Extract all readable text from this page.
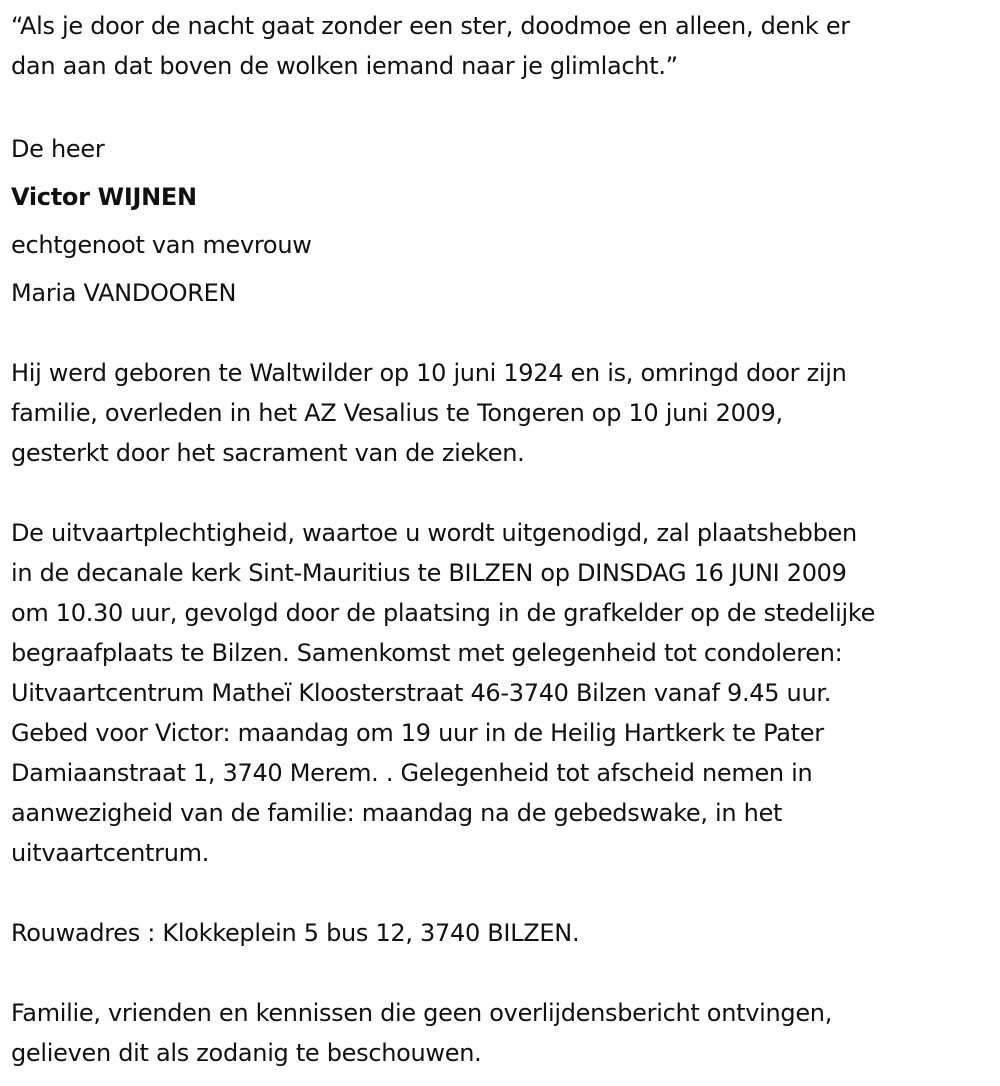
“Als je door de nacht gaat zonder een ster, doodmoe en alleen, denk er
dan aan dat boven de wolken iemand naar je glimlacht.”
De heer
Victor WIJNEN
echtgenoot van mevrouw
Maria VANDOOREN
Hij werd geboren te Waltwilder op 10 juni 1924 en is, omringd door zijn
familie, overleden in het AZ Vesalius te Tongeren op 10 juni 2009,
gesterkt door het sacrament van de zieken.
De uitvaartplechtigheid, waartoe u wordt uitgenodigd, zal plaatshebben
in de decanale kerk Sint-Mauritius te BILZEN op DINSDAG 16 JUNI 2009
om 10.30 uur, gevolgd door de plaatsing in de grafkelder op de stedelijke
begraafplaats te Bilzen. Samenkomst met gelegenheid tot condoleren:
Uitvaartcentrum Matheï Kloosterstraat 46-3740 Bilzen vanaf 9.45 uur.
Gebed voor Victor: maandag om 19 uur in de Heilig Hartkerk te Pater
Damiaanstraat 1, 3740 Merem. . Gelegenheid tot afscheid nemen in
aanwezigheid van de familie: maandag na de gebedswake, in het
uitvaartcentrum.
Rouwadres : Klokkeplein 5 bus 12, 3740 BILZEN.
Familie, vrienden en kennissen die geen overlijdensbericht ontvingen,
gelieven dit als zodanig te beschouwen.
